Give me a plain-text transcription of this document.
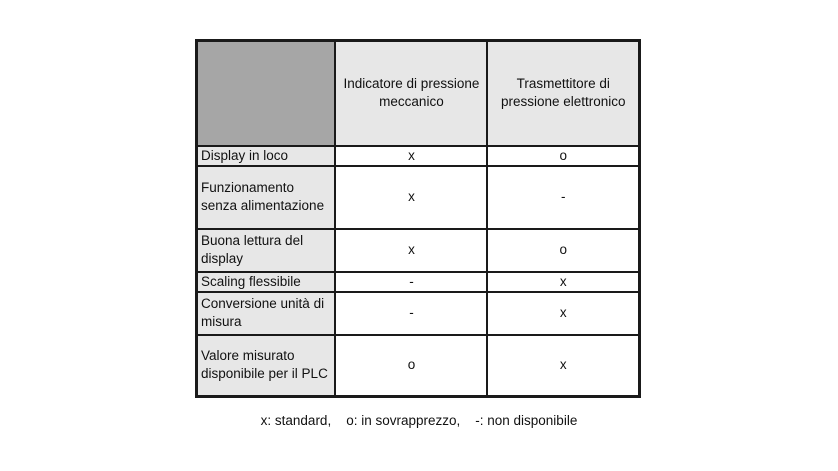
	Indicatore di pressione meccanico	Trasmettitore di pressione elettronico
Display in loco	x	o
Funzionamento senza alimentazione	x	-
Buona lettura del display	x	o
Scaling flessibile	-	x
Conversione unità di misura	-	x
Valore misurato disponibile per il PLC	o	x
x: standard,    o: in sovrapprezzo,    -: non disponibile
